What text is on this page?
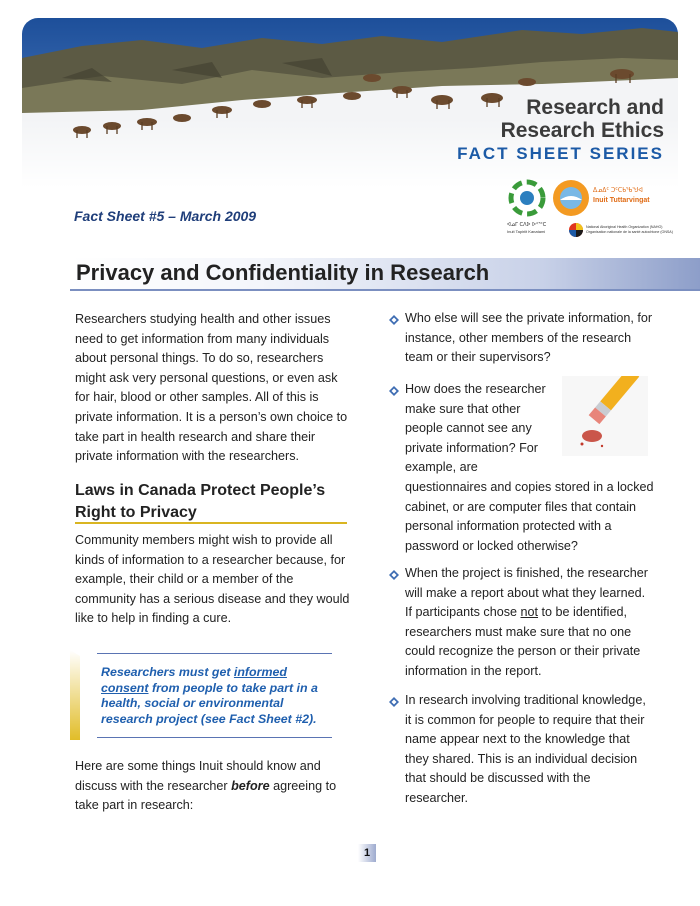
Research and
Research Ethics
FACT SHEET SERIES
Fact Sheet #5 – March 2009
ᐊᓄᒥ ᑕᐱᐅ ᐅᑉᕐᑦᑕ
Inuit Tapiriit Kanatami
ᐃᓄᐃᑦ ᑐᑦᑕᑲᖃᖑᐊ
Inuit Tuttarvingat
National Aboriginal Health Organization (NAHO)
Organisation nationale de la santé autochtone (ONSA)
Privacy and Confidentiality in Research
Researchers studying health and other issues need to get information from many individuals about personal things. To do so, researchers might ask very personal questions, or even ask for hair, blood or other samples. All of this is private information. It is a person’s own choice to take part in health research and share their private information with the researchers.
Laws in Canada Protect People’s Right to Privacy
Community members might wish to provide all kinds of information to a researcher because, for example, their child or a member of the community has a serious disease and they would like to help in finding a cure.
Researchers must get informed consent from people to take part in a health, social or environmental research project (see Fact Sheet #2).
Here are some things Inuit should know and discuss with the researcher before agreeing to take part in research:
Who else will see the private information, for instance, other members of the research team or their supervisors?
How does the researcher
make sure that other
people cannot see any
private information? For
example, are
questionnaires and copies stored in a locked cabinet, or are computer files that contain personal information protected with a password or locked otherwise?
When the project is finished, the researcher will make a report about what they learned. If participants chose not to be identified, researchers must make sure that no one could recognize the person or their private information in the report.
In research involving traditional knowledge, it is common for people to require that their name appear next to the knowledge that they shared. This is an individual decision that should be discussed with the researcher.
1
